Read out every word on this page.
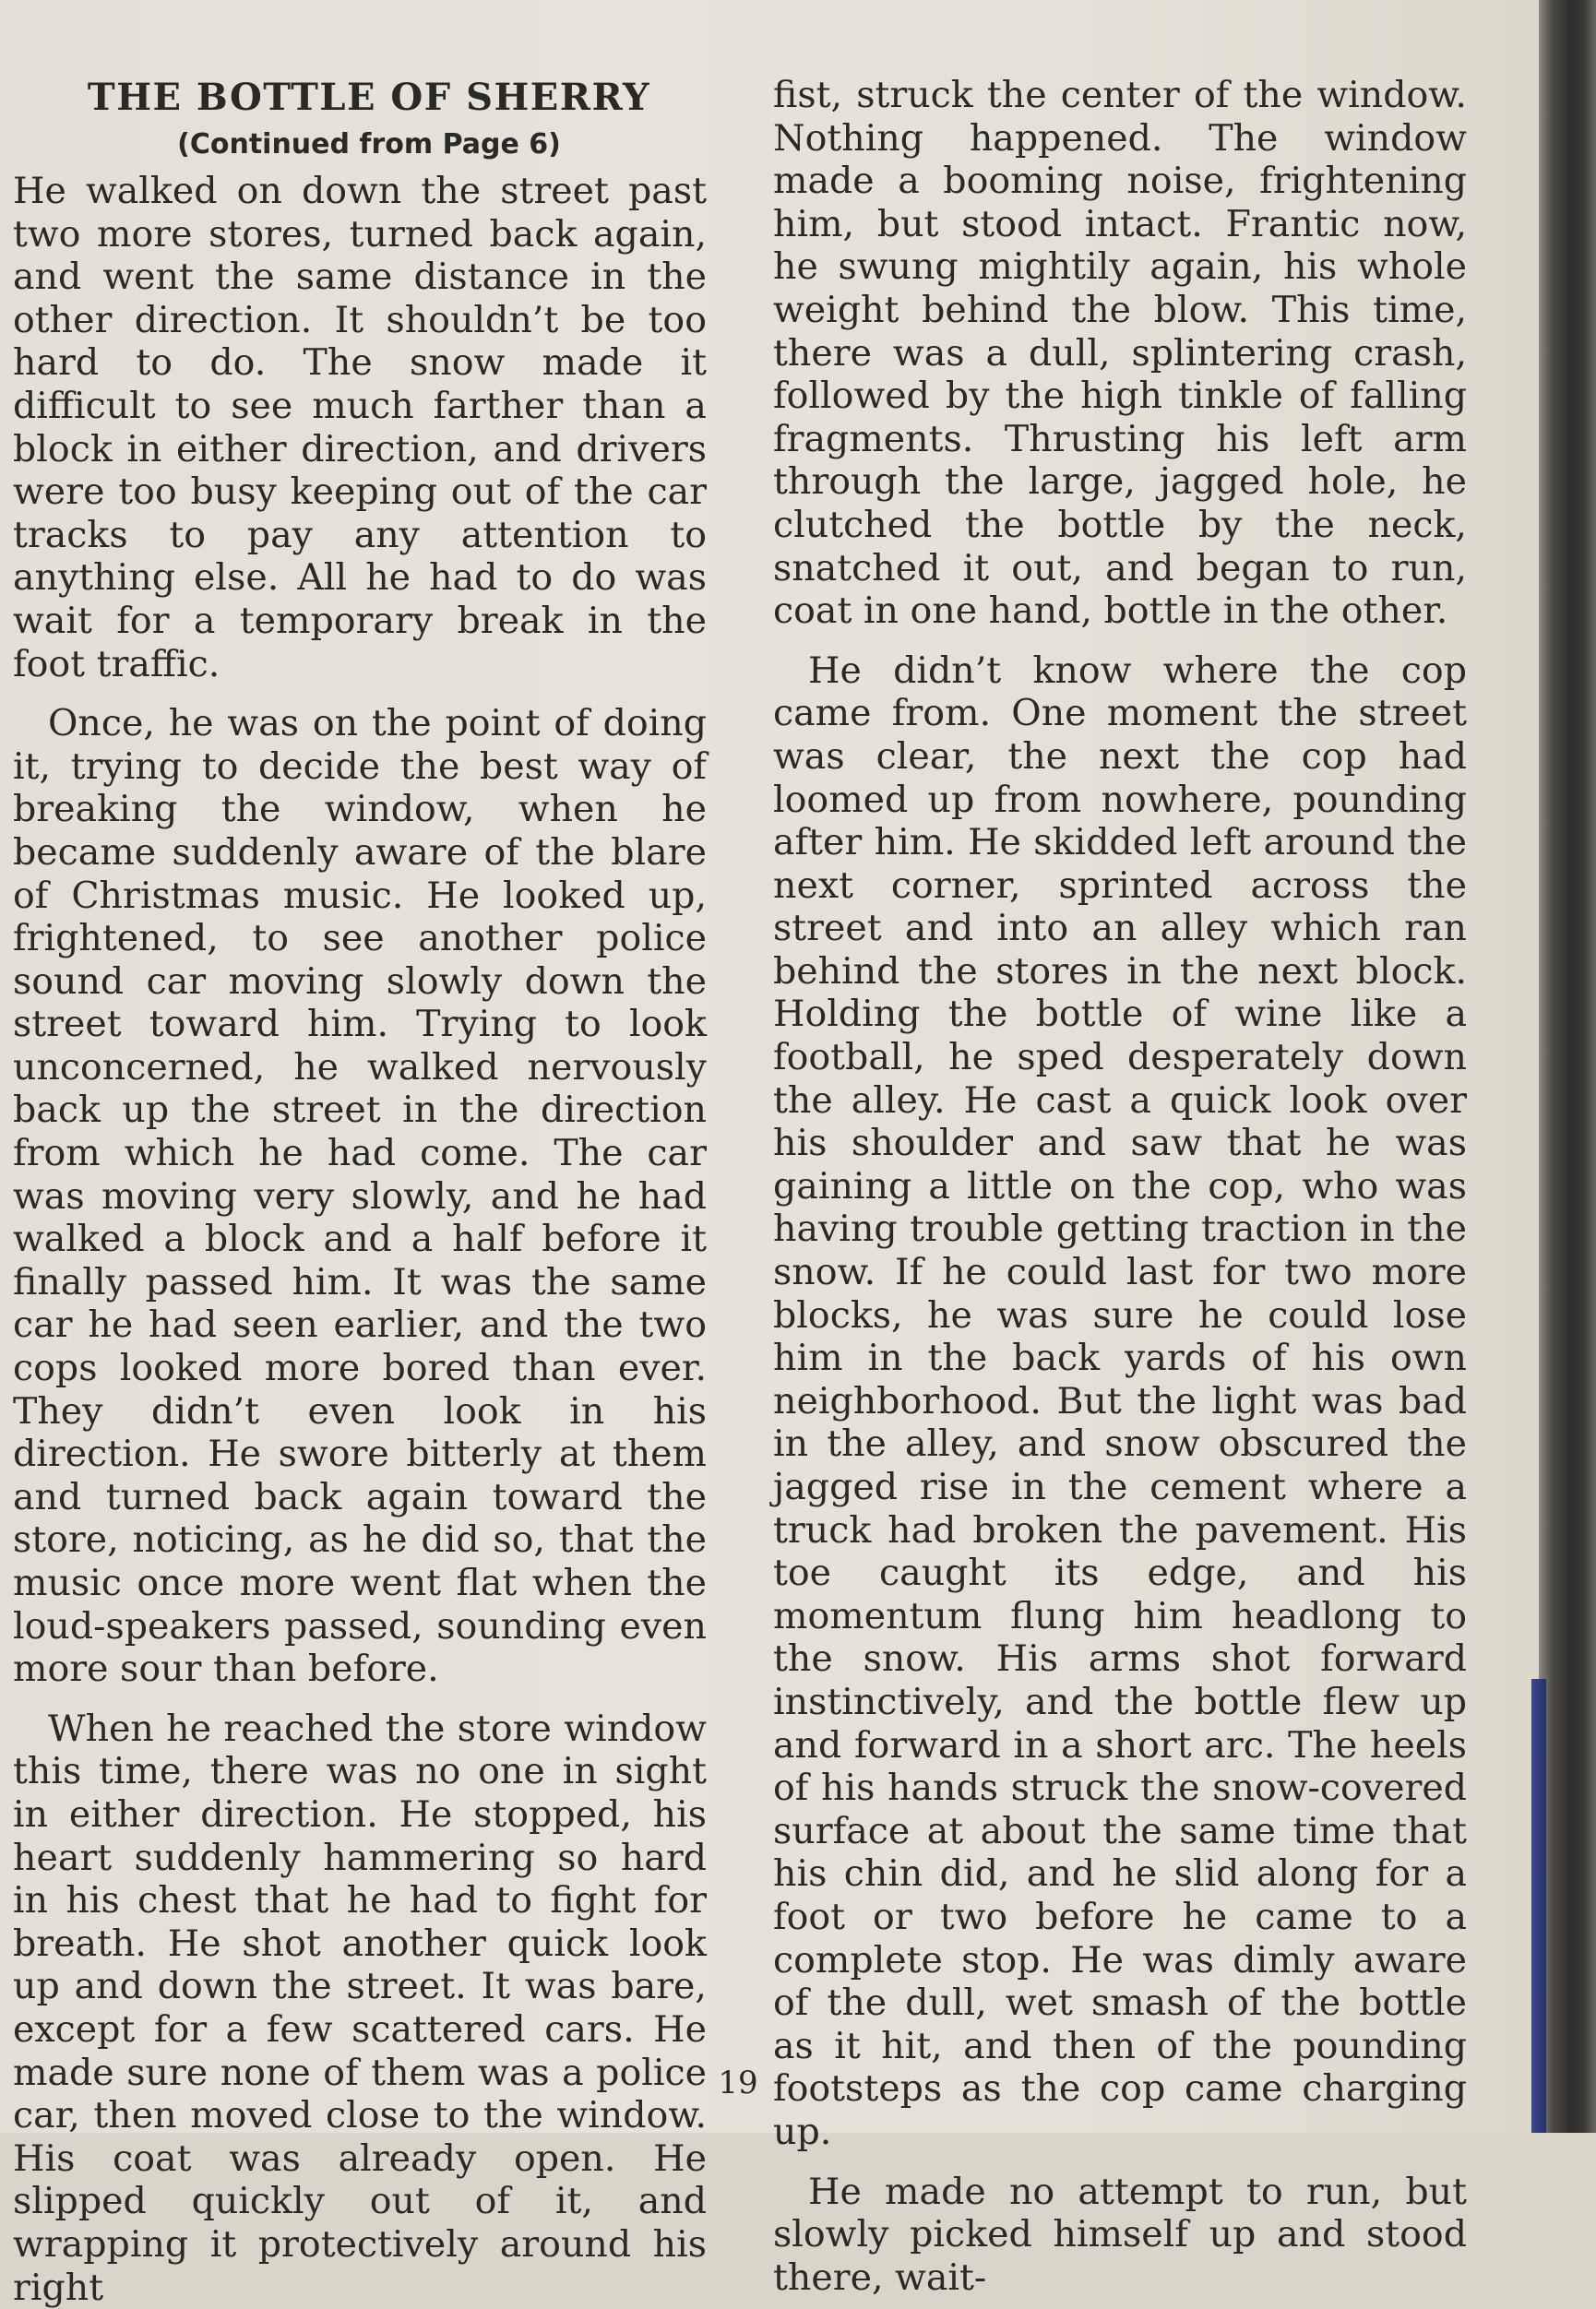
THE BOTTLE OF SHERRY
(Continued from Page 6)

He walked on down the street past two more stores, turned back again, and went the same distance in the other direction. It shouldn’t be too hard to do. The snow made it difficult to see much farther than a block in either direction, and drivers were too busy keeping out of the car tracks to pay any attention to anything else. All he had to do was wait for a temporary break in the foot traffic.

Once, he was on the point of doing it, trying to decide the best way of breaking the window, when he became suddenly aware of the blare of Christmas music. He looked up, frightened, to see another police sound car moving slowly down the street toward him. Trying to look unconcerned, he walked nervously back up the street in the direction from which he had come. The car was moving very slowly, and he had walked a block and a half before it finally passed him. It was the same car he had seen earlier, and the two cops looked more bored than ever. They didn’t even look in his direction. He swore bitterly at them and turned back again toward the store, noticing, as he did so, that the music once more went flat when the loud-speakers passed, sounding even more sour than before.

When he reached the store window this time, there was no one in sight in either direction. He stopped, his heart suddenly hammering so hard in his chest that he had to fight for breath. He shot another quick look up and down the street. It was bare, except for a few scattered cars. He made sure none of them was a police car, then moved close to the window. His coat was already open. He slipped quickly out of it, and wrapping it protectively around his right

fist, struck the center of the window. Nothing happened. The window made a booming noise, frightening him, but stood intact. Frantic now, he swung mightily again, his whole weight behind the blow. This time, there was a dull, splintering crash, followed by the high tinkle of falling fragments. Thrusting his left arm through the large, jagged hole, he clutched the bottle by the neck, snatched it out, and began to run, coat in one hand, bottle in the other.

He didn’t know where the cop came from. One moment the street was clear, the next the cop had loomed up from nowhere, pounding after him. He skidded left around the next corner, sprinted across the street and into an alley which ran behind the stores in the next block. Holding the bottle of wine like a football, he sped desperately down the alley. He cast a quick look over his shoulder and saw that he was gaining a little on the cop, who was having trouble getting traction in the snow. If he could last for two more blocks, he was sure he could lose him in the back yards of his own neighborhood. But the light was bad in the alley, and snow obscured the jagged rise in the cement where a truck had broken the pavement. His toe caught its edge, and his momentum flung him headlong to the snow. His arms shot forward instinctively, and the bottle flew up and forward in a short arc. The heels of his hands struck the snow-covered surface at about the same time that his chin did, and he slid along for a foot or two before he came to a complete stop. He was dimly aware of the dull, wet smash of the bottle as it hit, and then of the pounding footsteps as the cop came charging up.

He made no attempt to run, but slowly picked himself up and stood there, wait-

19
